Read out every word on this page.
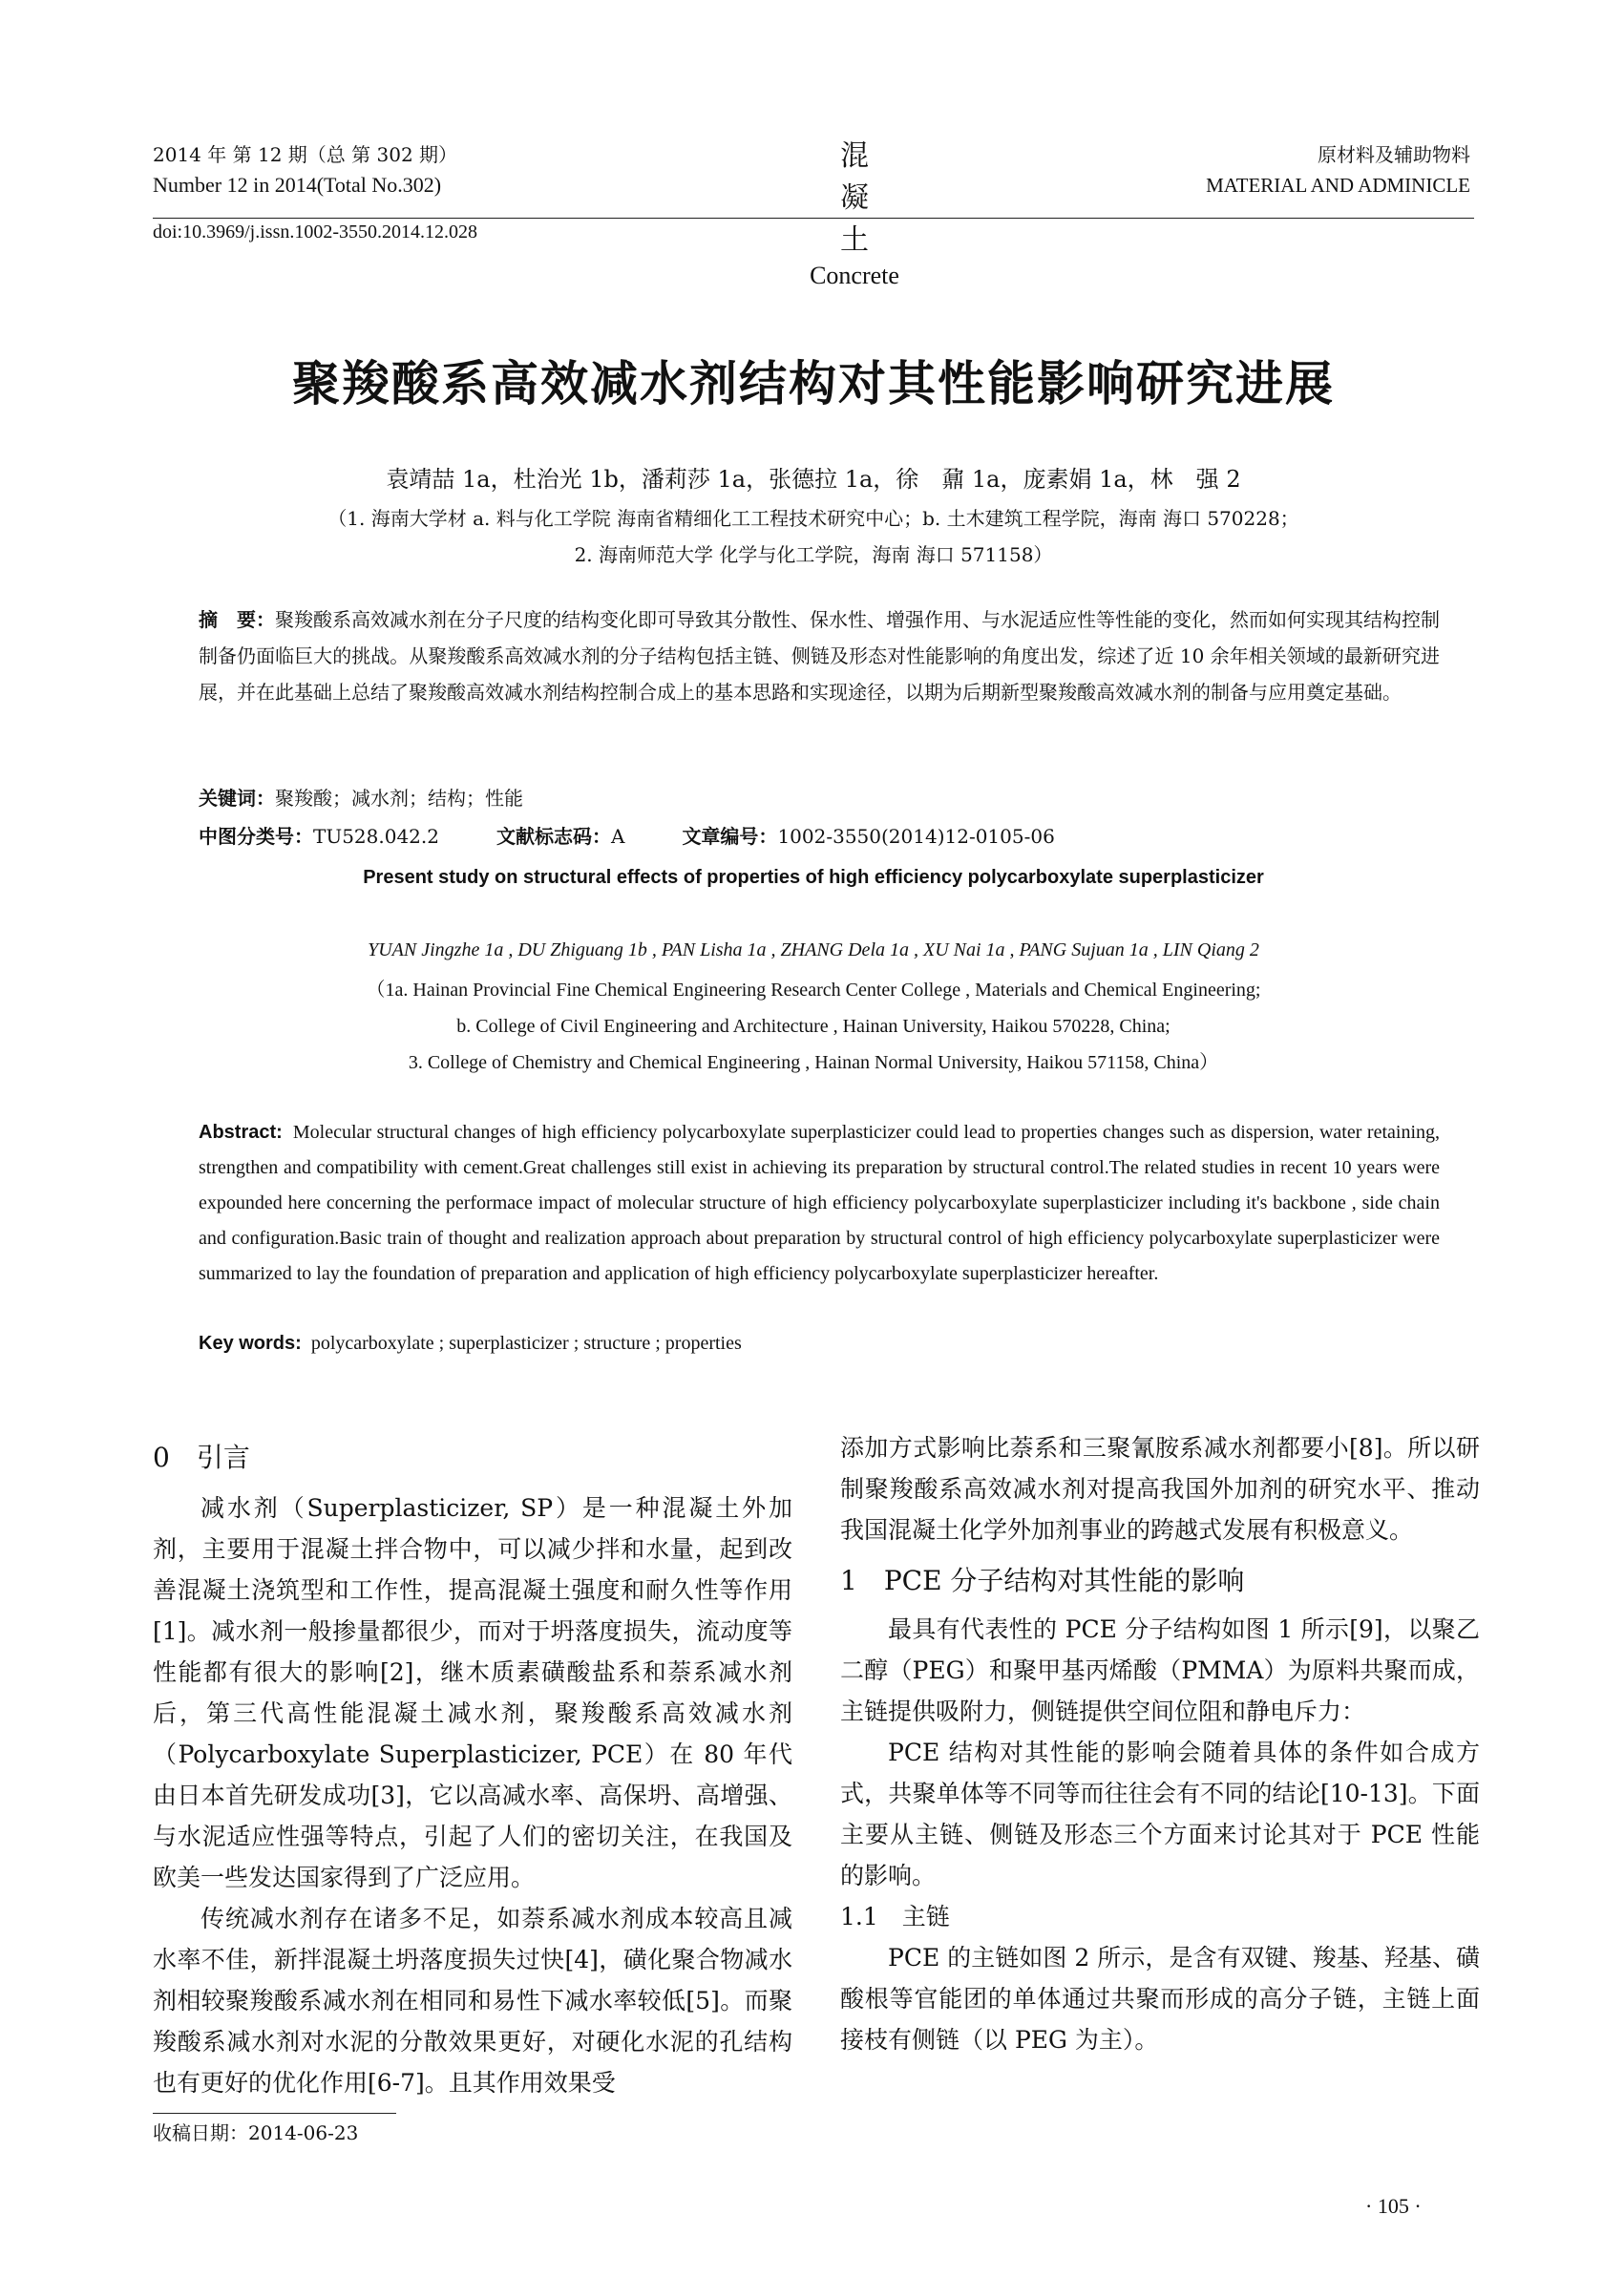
2014 年 第 12 期（总 第 302 期）
Number 12 in 2014(Total No.302)
混凝土
Concrete
原材料及辅助物料
MATERIAL AND ADMINICLE
doi:10.3969/j.issn.1002-3550.2014.12.028
聚羧酸系高效减水剂结构对其性能影响研究进展
袁靖喆 1a，杜治光 1b，潘莉莎 1a，张德拉 1a，徐　鼐 1a，庞素娟 1a，林　强 2
（1. 海南大学材 a. 料与化工学院 海南省精细化工工程技术研究中心；b. 土木建筑工程学院，海南 海口 570228；
2. 海南师范大学 化学与化工学院，海南 海口 571158）
摘　要：聚羧酸系高效减水剂在分子尺度的结构变化即可导致其分散性、保水性、增强作用、与水泥适应性等性能的变化，然而如何实现其结构控制制备仍面临巨大的挑战。从聚羧酸系高效减水剂的分子结构包括主链、侧链及形态对性能影响的角度出发，综述了近 10 余年相关领域的最新研究进展，并在此基础上总结了聚羧酸高效减水剂结构控制合成上的基本思路和实现途径，以期为后期新型聚羧酸高效减水剂的制备与应用奠定基础。
关键词：聚羧酸；减水剂；结构；性能
中图分类号：TU528.042.2	文献标志码：A	文章编号：1002-3550(2014)12-0105-06
Present study on structural effects of properties of high efficiency polycarboxylate superplasticizer
YUAN Jingzhe 1a , DU Zhiguang 1b , PAN Lisha 1a , ZHANG Dela 1a , XU Nai 1a , PANG Sujuan 1a , LIN Qiang 2
（1a. Hainan Provincial Fine Chemical Engineering Research Center College , Materials and Chemical Engineering;
b. College of Civil Engineering and Architecture , Hainan University, Haikou 570228, China;
3. College of Chemistry and Chemical Engineering , Hainan Normal University, Haikou 571158, China）
Abstract: Molecular structural changes of high efficiency polycarboxylate superplasticizer could lead to properties changes such as dispersion, water retaining, strengthen and compatibility with cement.Great challenges still exist in achieving its preparation by structural control.The related studies in recent 10 years were expounded here concerning the performace impact of molecular structure of high efficiency polycarboxylate superplasticizer including it's backbone , side chain and configuration.Basic train of thought and realization approach about preparation by structural control of high efficiency polycarboxylate superplasticizer were summarized to lay the foundation of preparation and application of high efficiency polycarboxylate superplasticizer hereafter.
Key words: polycarboxylate ; superplasticizer ; structure ; properties
0　引言

减水剂（Superplasticizer, SP）是一种混凝土外加剂，主要用于混凝土拌合物中，可以减少拌和水量，起到改善混凝土浇筑型和工作性，提高混凝土强度和耐久性等作用[1]。减水剂一般掺量都很少，而对于坍落度损失，流动度等性能都有很大的影响[2]，继木质素磺酸盐系和萘系减水剂后，第三代高性能混凝土减水剂，聚羧酸系高效减水剂（Polycarboxylate Superplasticizer, PCE）在 80 年代由日本首先研发成功[3]，它以高减水率、高保坍、高增强、与水泥适应性强等特点，引起了人们的密切关注，在我国及欧美一些发达国家得到了广泛应用。

传统减水剂存在诸多不足，如萘系减水剂成本较高且减水率不佳，新拌混凝土坍落度损失过快[4]，磺化聚合物减水剂相较聚羧酸系减水剂在相同和易性下减水率较低[5]。而聚羧酸系减水剂对水泥的分散效果更好，对硬化水泥的孔结构也有更好的优化作用[6-7]。且其作用效果受

添加方式影响比萘系和三聚氰胺系减水剂都要小[8]。所以研制聚羧酸系高效减水剂对提高我国外加剂的研究水平、推动我国混凝土化学外加剂事业的跨越式发展有积极意义。

1　PCE 分子结构对其性能的影响

最具有代表性的 PCE 分子结构如图 1 所示[9]，以聚乙二醇（PEG）和聚甲基丙烯酸（PMMA）为原料共聚而成，主链提供吸附力，侧链提供空间位阻和静电斥力：

PCE 结构对其性能的影响会随着具体的条件如合成方式，共聚单体等不同等而往往会有不同的结论[10-13]。下面主要从主链、侧链及形态三个方面来讨论其对于 PCE 性能的影响。

1.1　主链

PCE 的主链如图 2 所示，是含有双键、羧基、羟基、磺酸根等官能团的单体通过共聚而形成的高分子链，主链上面接枝有侧链（以 PEG 为主）。

收稿日期：2014-06-23
· 105 ·
